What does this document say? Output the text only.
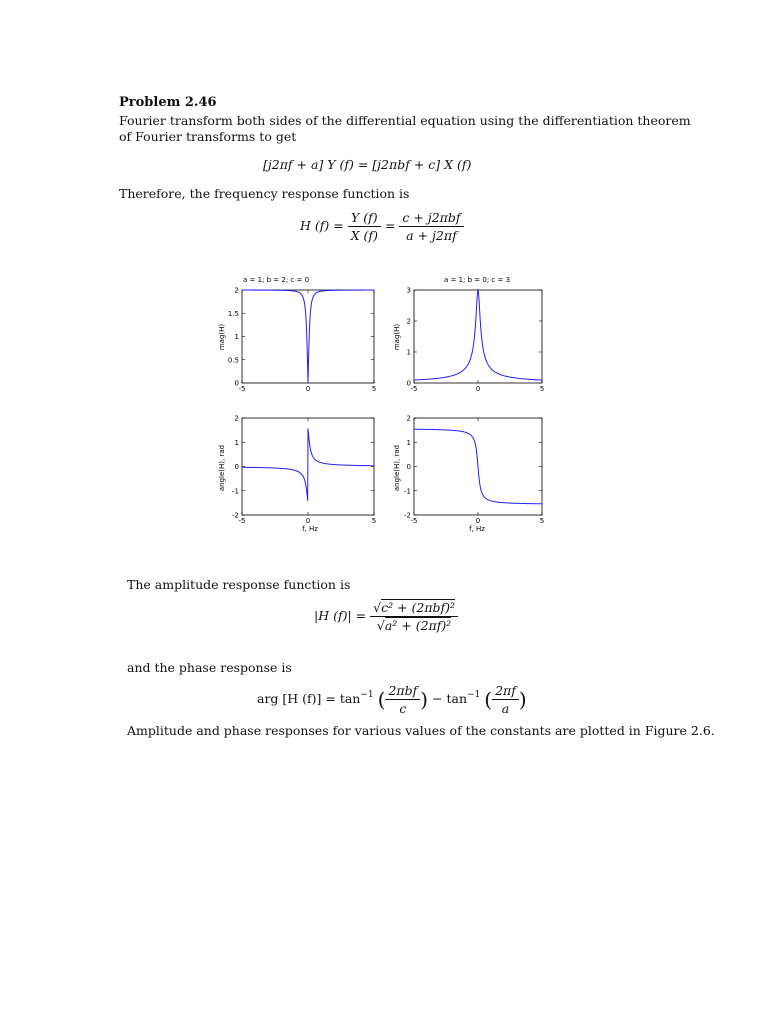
Problem 2.46
Fourier transform both sides of the differential equation using the differentiation theorem
of Fourier transforms to get
[j2πf + a] Y (f) = [j2πbf + c] X (f)
Therefore, the frequency response function is
H $(f) = \frac{Y (f)}{X (f)} = \frac{\text{c + j2πbf}}{a + j2\pi f}$
a = 1; b = 2; c = 0	a = 1; b = 0; c = 3
mag(H)	mag(H)
angle(H), rad	angle(H), rad
f, Hz	f, Hz
0
0.5
1
1.5
2
-5	0	5
0
1
2
3
-5	0	5
-2
-1
0
1
2
-5	0	5
-2
-1
0
1
2
-5	0	5
The amplitude response function is
|H $(f)| = \frac{\text{√c² + (2πbf)²}}{\text{√a² + (2πf)²}}$
and the phase response is
arg [H $(f)] = \tan^{-1}$ ( $\frac{\text{2πbf}}{c}$ ) − $\tan^{-1}$ ( $\frac{2\pi f}{a}$ )
Amplitude and phase responses for various values of the constants are plotted in Figure 2.6.
